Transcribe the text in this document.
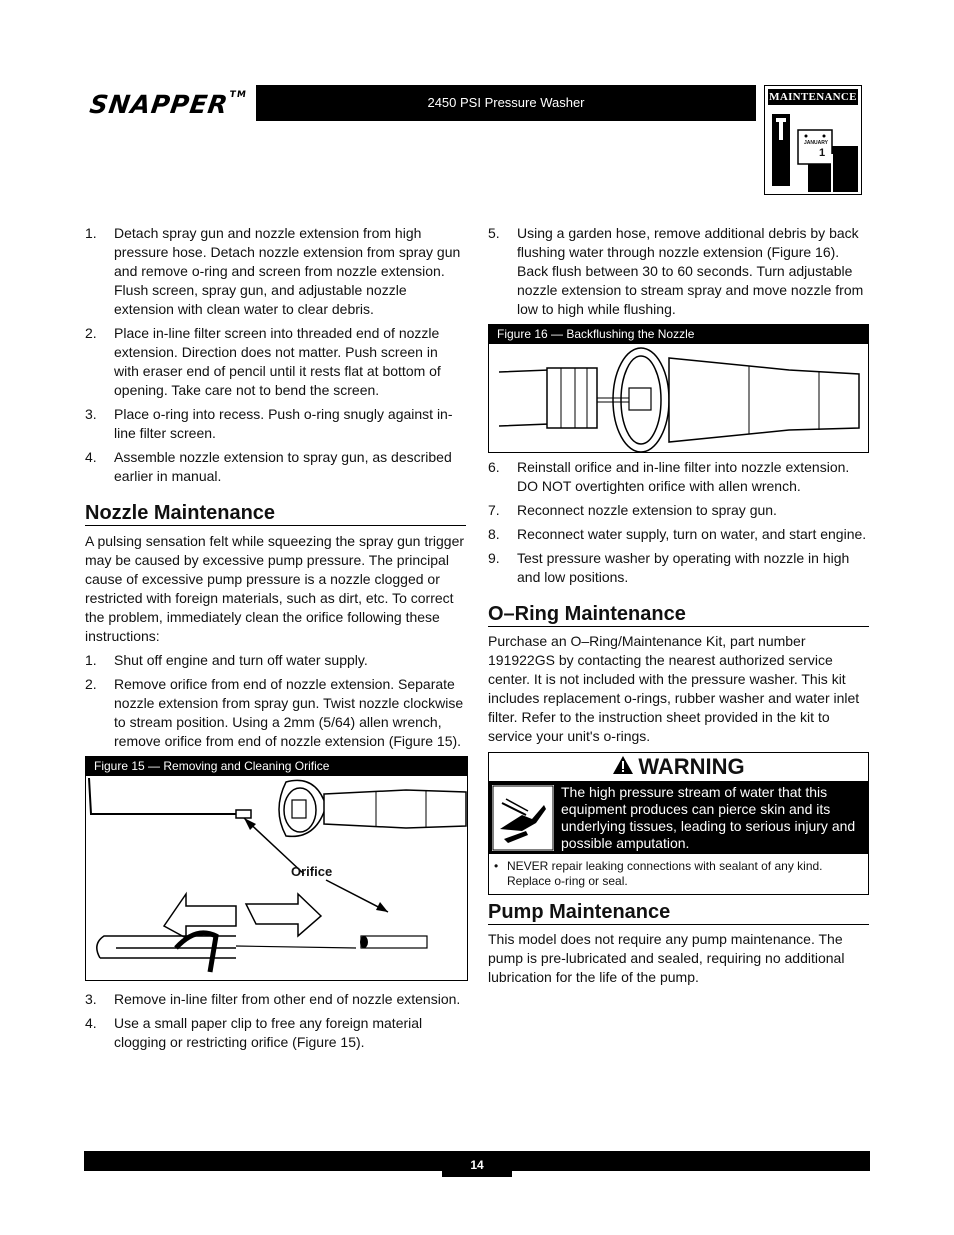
SNAPPER™	2450 PSI Pressure Washer	MAINTENANCE
JANUARY
1
1. Detach spray gun and nozzle extension from high pressure hose. Detach nozzle extension from spray gun and remove o-ring and screen from nozzle extension. Flush screen, spray gun, and adjustable nozzle extension with clean water to clear debris.
2. Place in-line filter screen into threaded end of nozzle extension. Direction does not matter. Push screen in with eraser end of pencil until it rests flat at bottom of opening. Take care not to bend the screen.
3. Place o-ring into recess. Push o-ring snugly against in-line filter screen.
4. Assemble nozzle extension to spray gun, as described earlier in manual.
Nozzle Maintenance

A pulsing sensation felt while squeezing the spray gun trigger may be caused by excessive pump pressure. The principal cause of excessive pump pressure is a nozzle clogged or restricted with foreign materials, such as dirt, etc. To correct the problem, immediately clean the orifice following these instructions:

1. Shut off engine and turn off water supply.
2. Remove orifice from end of nozzle extension. Separate nozzle extension from spray gun. Twist nozzle clockwise to stream position. Using a 2mm (5/64) allen wrench, remove orifice from end of nozzle extension (Figure 15).
Figure 15 — Removing and Cleaning Orifice
Orifice
3. Remove in-line filter from other end of nozzle extension.
4. Use a small paper clip to free any foreign material clogging or restricting orifice (Figure 15).
5. Using a garden hose, remove additional debris by back flushing water through nozzle extension (Figure 16). Back flush between 30 to 60 seconds. Turn adjustable nozzle extension to stream spray and move nozzle from low to high while flushing.
Figure 16 — Backflushing the Nozzle
6. Reinstall orifice and in-line filter into nozzle extension. DO NOT overtighten orifice with allen wrench.
7. Reconnect nozzle extension to spray gun.
8. Reconnect water supply, turn on water, and start engine.
9. Test pressure washer by operating with nozzle in high and low positions.
O–Ring Maintenance

Purchase an O–Ring/Maintenance Kit, part number 191922GS by contacting the nearest authorized service center. It is not included with the pressure washer. This kit includes replacement o-rings, rubber washer and water inlet filter. Refer to the instruction sheet provided in the kit to service your unit's o-rings.

WARNING
The high pressure stream of water that this equipment produces can pierce skin and its underlying tissues, leading to serious injury and possible amputation.
• NEVER repair leaking connections with sealant of any kind. Replace o-ring or seal.
Pump Maintenance

This model does not require any pump maintenance. The pump is pre-lubricated and sealed, requiring no additional lubrication for the life of the pump.

14
